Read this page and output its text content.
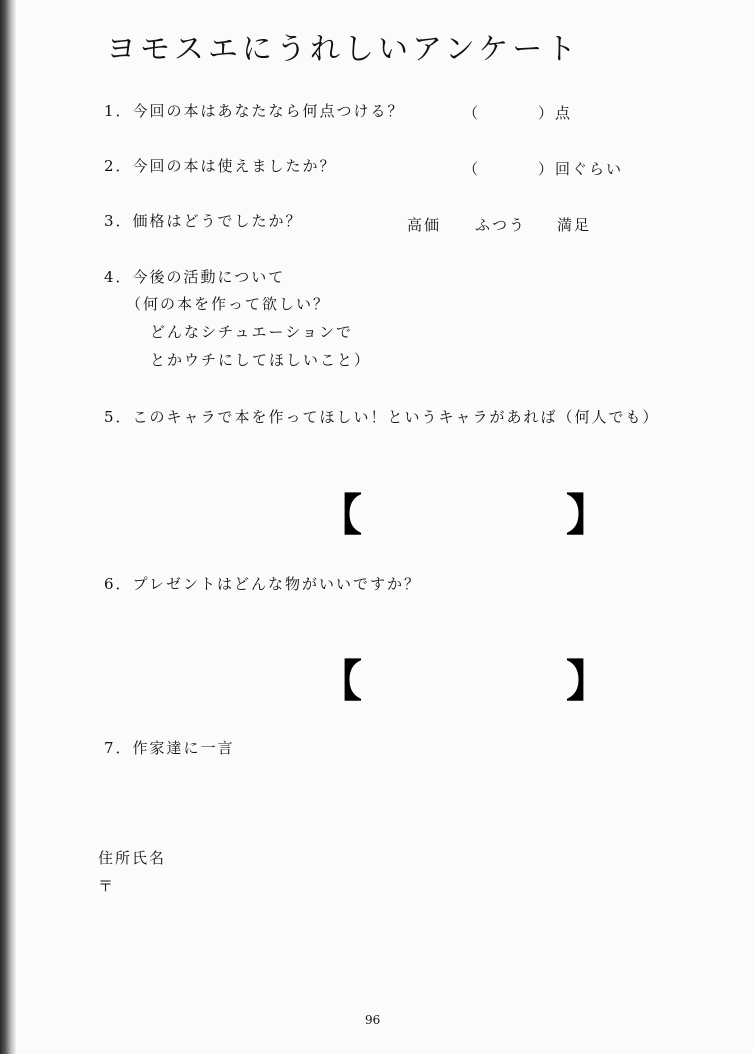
ヨモスエにうれしいアンケート
1．今回の本はあなたなら何点つける？	（	）点
2．今回の本は使えましたか？	（	）回ぐらい
3．価格はどうでしたか？	高価 ふつう 満足
4．今後の活動について
（何の本を作って欲しい？
どんなシチュエーションで
とかウチにしてほしいこと）
5．このキャラで本を作ってほしい！というキャラがあれば（何人でも）
【	】
6．プレゼントはどんな物がいいですか？
【	】
7．作家達に一言
住所氏名
〒
96
